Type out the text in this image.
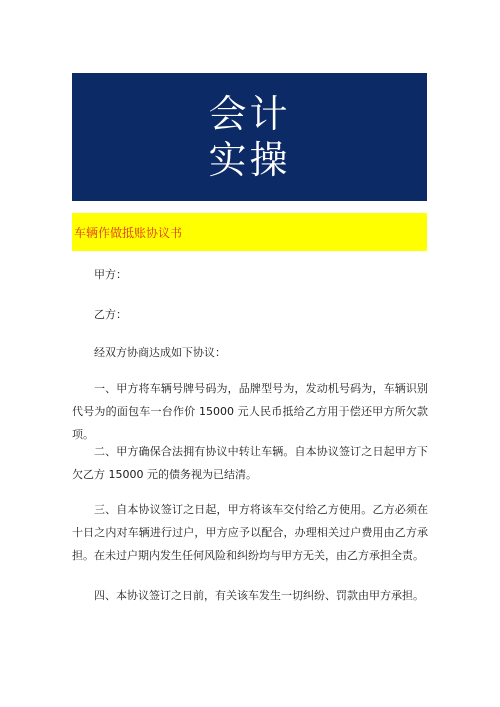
会计
实操
车辆作做抵账协议书

甲方：

乙方：

经双方协商达成如下协议：

一、甲方将车辆号牌号码为，品牌型号为，发动机号码为，车辆识别代号为的面包车一台作价 15000 元人民币抵给乙方用于偿还甲方所欠款项。

二、甲方确保合法拥有协议中转让车辆。自本协议签订之日起甲方下欠乙方 15000 元的债务视为已结清。

三、自本协议签订之日起，甲方将该车交付给乙方使用。乙方必须在十日之内对车辆进行过户，甲方应予以配合，办理相关过户费用由乙方承担。在未过户期内发生任何风险和纠纷均与甲方无关，由乙方承担全责。

四、本协议签订之日前，有关该车发生一切纠纷、罚款由甲方承担。
